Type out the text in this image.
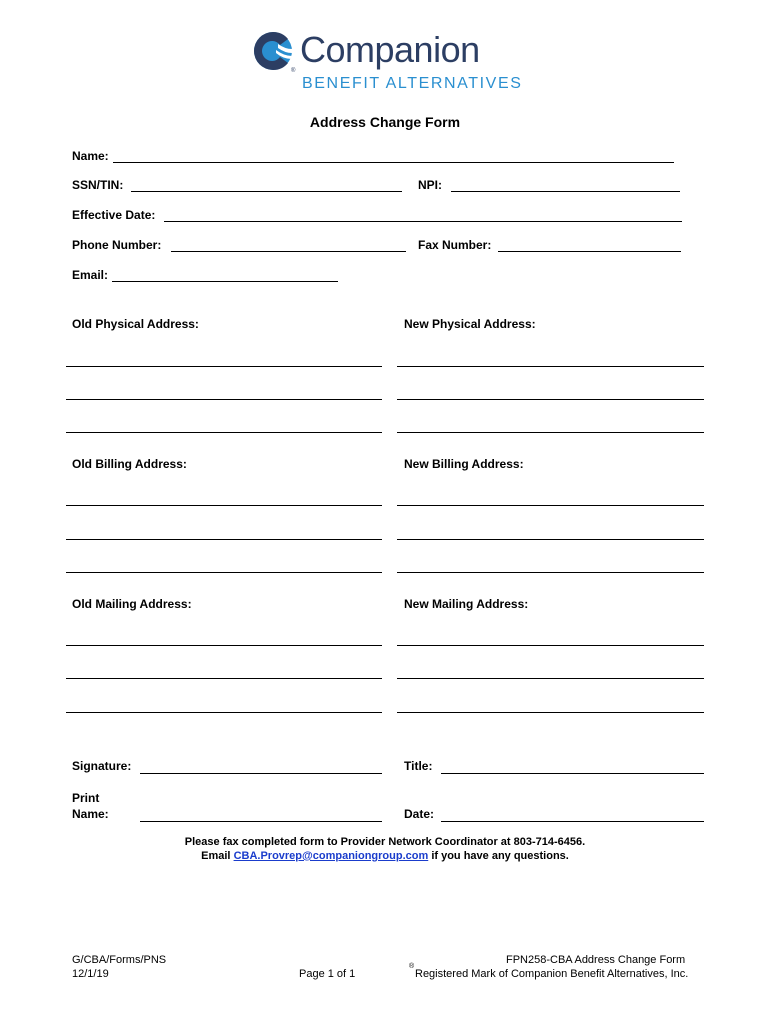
®
Companion
BENEFIT ALTERNATIVES
Address Change Form
Name:
SSN/TIN:	NPI:
Effective Date:
Phone Number:	Fax Number:
Email:
Old Physical Address:	New Physical Address:
Old Billing Address:	New Billing Address:
Old Mailing Address:	New Mailing Address:
Signature:	Title:
Print
Name:	Date:
Please fax completed form to Provider Network Coordinator at 803-714-6456.
Email CBA.Provrep@companiongroup.com if you have any questions.
G/CBA/Forms/PNS
12/1/19	Page 1 of 1
FPN258-CBA Address Change Form
®
Registered Mark of Companion Benefit Alternatives, Inc.
